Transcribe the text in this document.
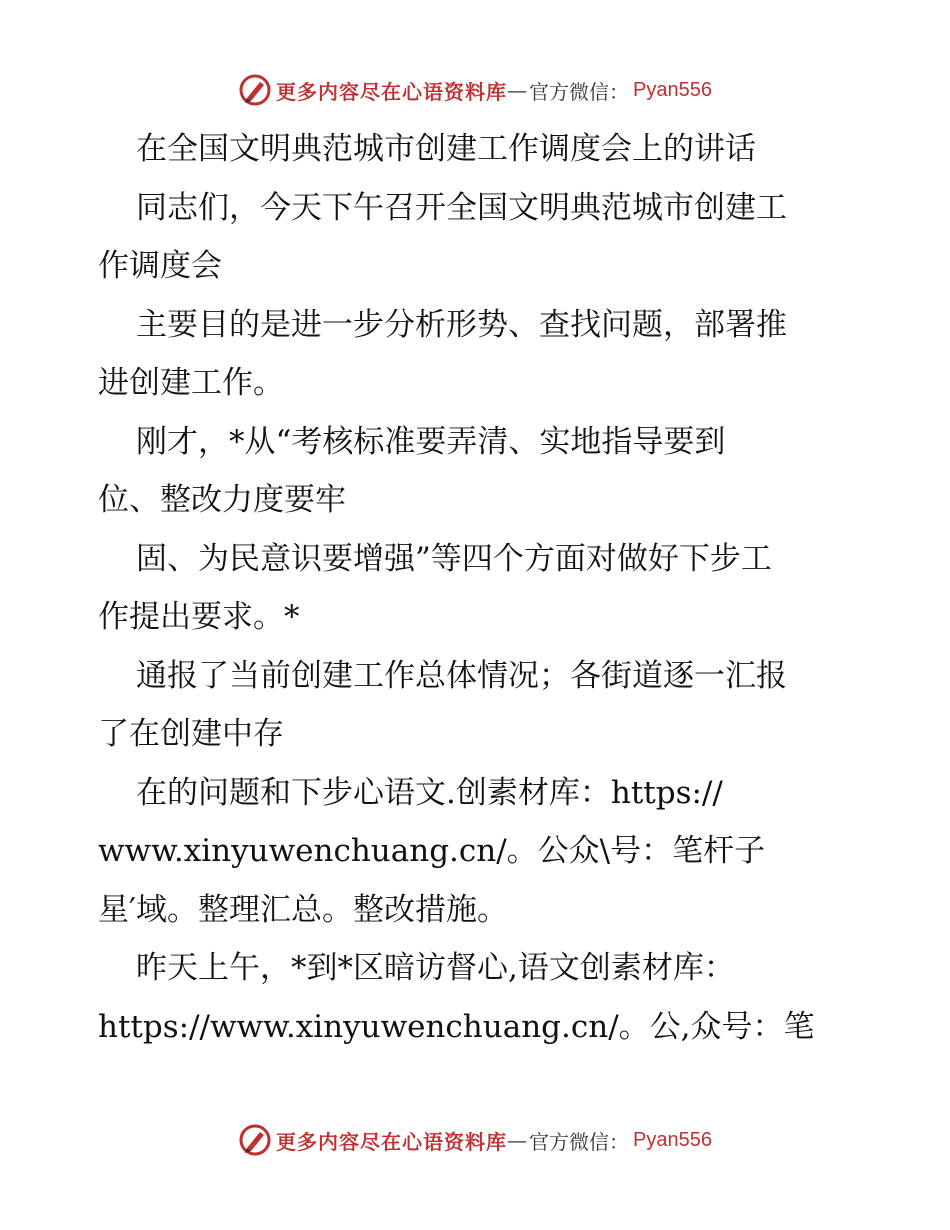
更多内容尽在心语资料库 — 官方微信： Pyan556
在全国文明典范城市创建工作调度会上的讲话
同志们，今天下午召开全国文明典范城市创建工
作调度会
主要目的是进一步分析形势、查找问题，部署推
进创建工作。
刚才，*从“考核标准要弄清、实地指导要到
位、整改力度要牢
固、为民意识要增强”等四个方面对做好下步工
作提出要求。*
通报了当前创建工作总体情况；各街道逐一汇报
了在创建中存
在的问题和下步心语文.创素材库：https://
www.xinyuwenchuang.cn/。公众\号：笔杆子
星′域。整理汇总。整改措施。
昨天上午，*到*区暗访督心,语文创素材库：
https://www.xinyuwenchuang.cn/。公,众号：笔
更多内容尽在心语资料库 — 官方微信： Pyan556
